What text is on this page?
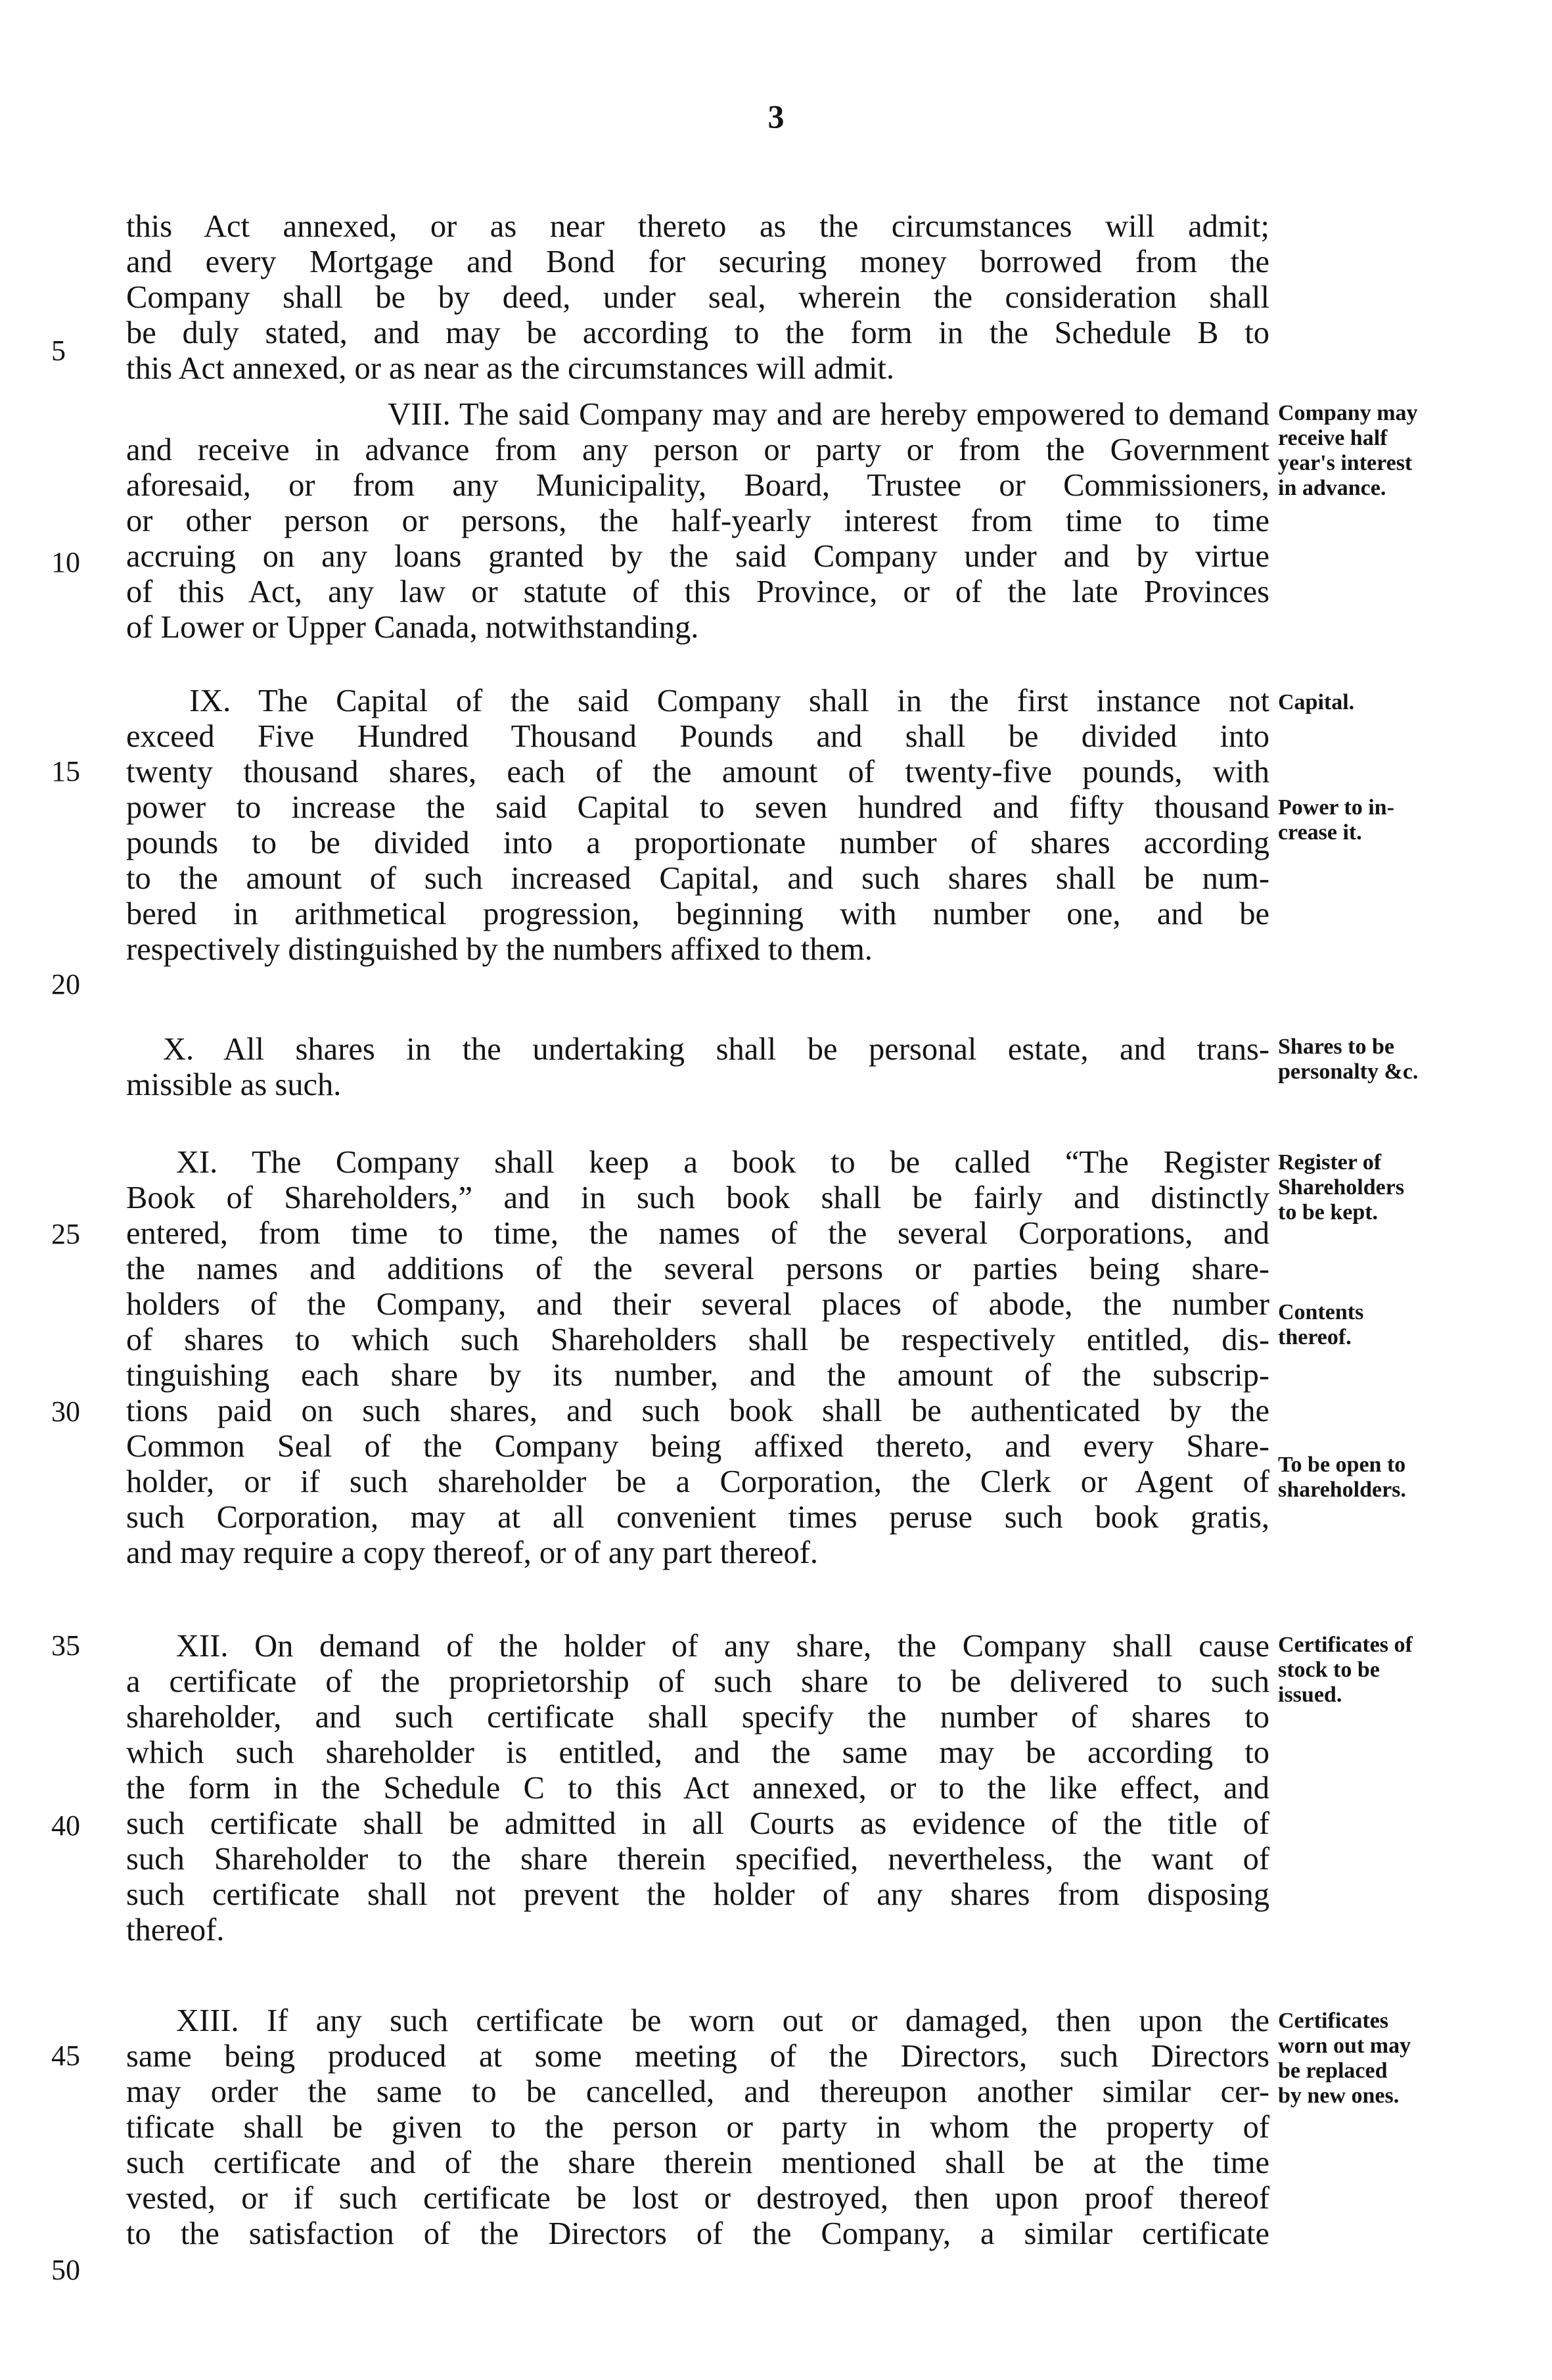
3
this Act annexed, or as near thereto as the circumstances will admit;
and every Mortgage and Bond for securing money borrowed from the
Company shall be by deed, under seal, wherein the consideration shall
be duly stated, and may be according to the form in the Schedule B to
this Act annexed, or as near as the circumstances will admit.
VIII. The said Company may and are hereby empowered to demand
and receive in advance from any person or party or from the Government
aforesaid, or from any Municipality, Board, Trustee or Commissioners,
or other person or persons, the half-yearly interest from time to time
accruing on any loans granted by the said Company under and by virtue
of this Act, any law or statute of this Province, or of the late Provinces
of Lower or Upper Canada, notwithstanding.
IX. The Capital of the said Company shall in the first instance not
exceed Five Hundred Thousand Pounds and shall be divided into
twenty thousand shares, each of the amount of twenty-five pounds, with
power to increase the said Capital to seven hundred and fifty thousand
pounds to be divided into a proportionate number of shares according
to the amount of such increased Capital, and such shares shall be num-
bered in arithmetical progression, beginning with number one, and be
respectively distinguished by the numbers affixed to them.
X. All shares in the undertaking shall be personal estate, and trans-
missible as such.
XI. The Company shall keep a book to be called “The Register
Book of Shareholders,” and in such book shall be fairly and distinctly
entered, from time to time, the names of the several Corporations, and
the names and additions of the several persons or parties being share-
holders of the Company, and their several places of abode, the number
of shares to which such Shareholders shall be respectively entitled, dis-
tinguishing each share by its number, and the amount of the subscrip-
tions paid on such shares, and such book shall be authenticated by the
Common Seal of the Company being affixed thereto, and every Share-
holder, or if such shareholder be a Corporation, the Clerk or Agent of
such Corporation, may at all convenient times peruse such book gratis,
and may require a copy thereof, or of any part thereof.
XII. On demand of the holder of any share, the Company shall cause
a certificate of the proprietorship of such share to be delivered to such
shareholder, and such certificate shall specify the number of shares to
which such shareholder is entitled, and the same may be according to
the form in the Schedule C to this Act annexed, or to the like effect, and
such certificate shall be admitted in all Courts as evidence of the title of
such Shareholder to the share therein specified, nevertheless, the want of
such certificate shall not prevent the holder of any shares from disposing
thereof.
XIII. If any such certificate be worn out or damaged, then upon the
same being produced at some meeting of the Directors, such Directors
may order the same to be cancelled, and thereupon another similar cer-
tificate shall be given to the person or party in whom the property of
such certificate and of the share therein mentioned shall be at the time
vested, or if such certificate be lost or destroyed, then upon proof thereof
to the satisfaction of the Directors of the Company, a similar certificate
5
10
15
20
25
30
35
40
45
50
Company may
receive half
year's interest
in advance.
Capital.
Power to in-
crease it.
Shares to be
personalty &c.
Register of
Shareholders
to be kept.
Contents
thereof.
To be open to
shareholders.
Certificates of
stock to be
issued.
Certificates
worn out may
be replaced
by new ones.
